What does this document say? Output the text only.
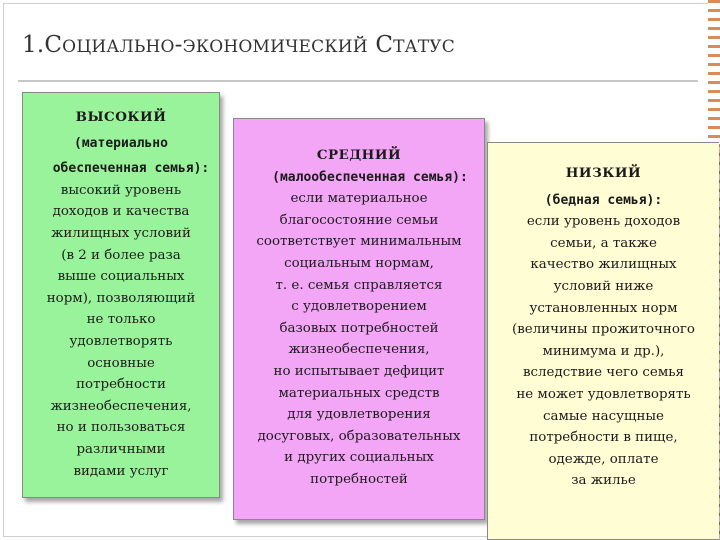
1.СОЦИАЛЬНО-ЭКОНОМИЧЕСКИЙ СТАТУС
ВЫСОКИЙ
(материально
обеспеченная семья):
высокий уровень
доходов и качества
жилищных условий
(в 2 и более раза
выше социальных
норм), позволяющий
не только
удовлетворять
основные
потребности
жизнеобеспечения,
но и пользоваться
различными
видами услуг
СРЕДНИЙ
(малообеспеченная семья):
если материальное
благосостояние семьи
соответствует минимальным
социальным нормам,
т. е. семья справляется
с удовлетворением
базовых потребностей
жизнеобеспечения,
но испытывает дефицит
материальных средств
для удовлетворения
досуговых, образовательных
и других социальных
потребностей
НИЗКИЙ
(бедная семья):
если уровень доходов
семьи, а также
качество жилищных
условий ниже
установленных норм
(величины прожиточного
минимума и др.),
вследствие чего семья
не может удовлетворять
самые насущные
потребности в пище,
одежде, оплате
за жилье
